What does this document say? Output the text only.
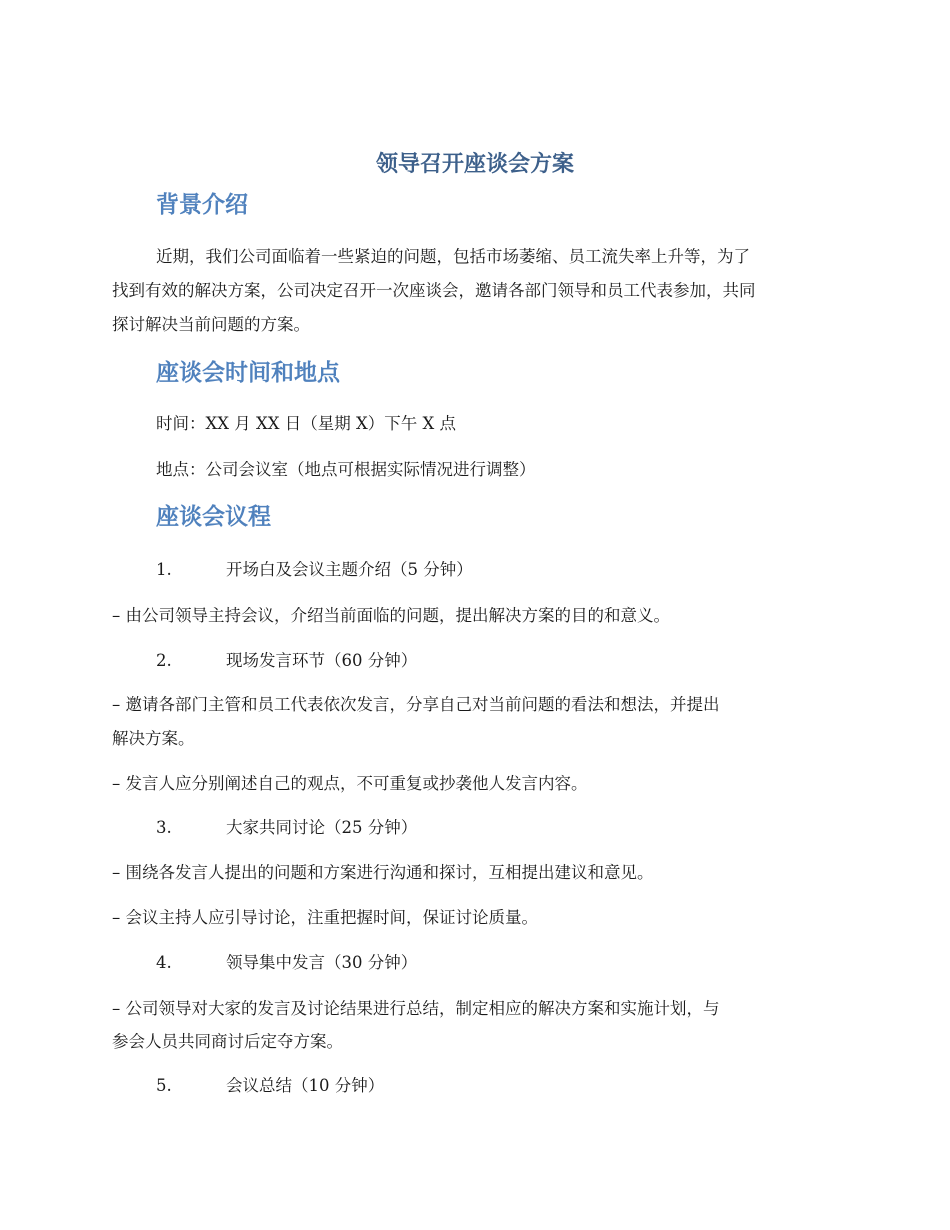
领导召开座谈会方案
背景介绍
近期，我们公司面临着一些紧迫的问题，包括市场萎缩、员工流失率上升等，为了
找到有效的解决方案，公司决定召开一次座谈会，邀请各部门领导和员工代表参加，共同
探讨解决当前问题的方案。
座谈会时间和地点
时间：XX 月 XX 日（星期 X）下午 X 点
地点：公司会议室（地点可根据实际情况进行调整）
座谈会议程
1.	开场白及会议主题介绍（5 分钟）
– 由公司领导主持会议，介绍当前面临的问题，提出解决方案的目的和意义。
2.	现场发言环节（60 分钟）
– 邀请各部门主管和员工代表依次发言，分享自己对当前问题的看法和想法，并提出
解决方案。
– 发言人应分别阐述自己的观点，不可重复或抄袭他人发言内容。
3.	大家共同讨论（25 分钟）
– 围绕各发言人提出的问题和方案进行沟通和探讨，互相提出建议和意见。
– 会议主持人应引导讨论，注重把握时间，保证讨论质量。
4.	领导集中发言（30 分钟）
– 公司领导对大家的发言及讨论结果进行总结，制定相应的解决方案和实施计划，与
参会人员共同商讨后定夺方案。
5.	会议总结（10 分钟）
